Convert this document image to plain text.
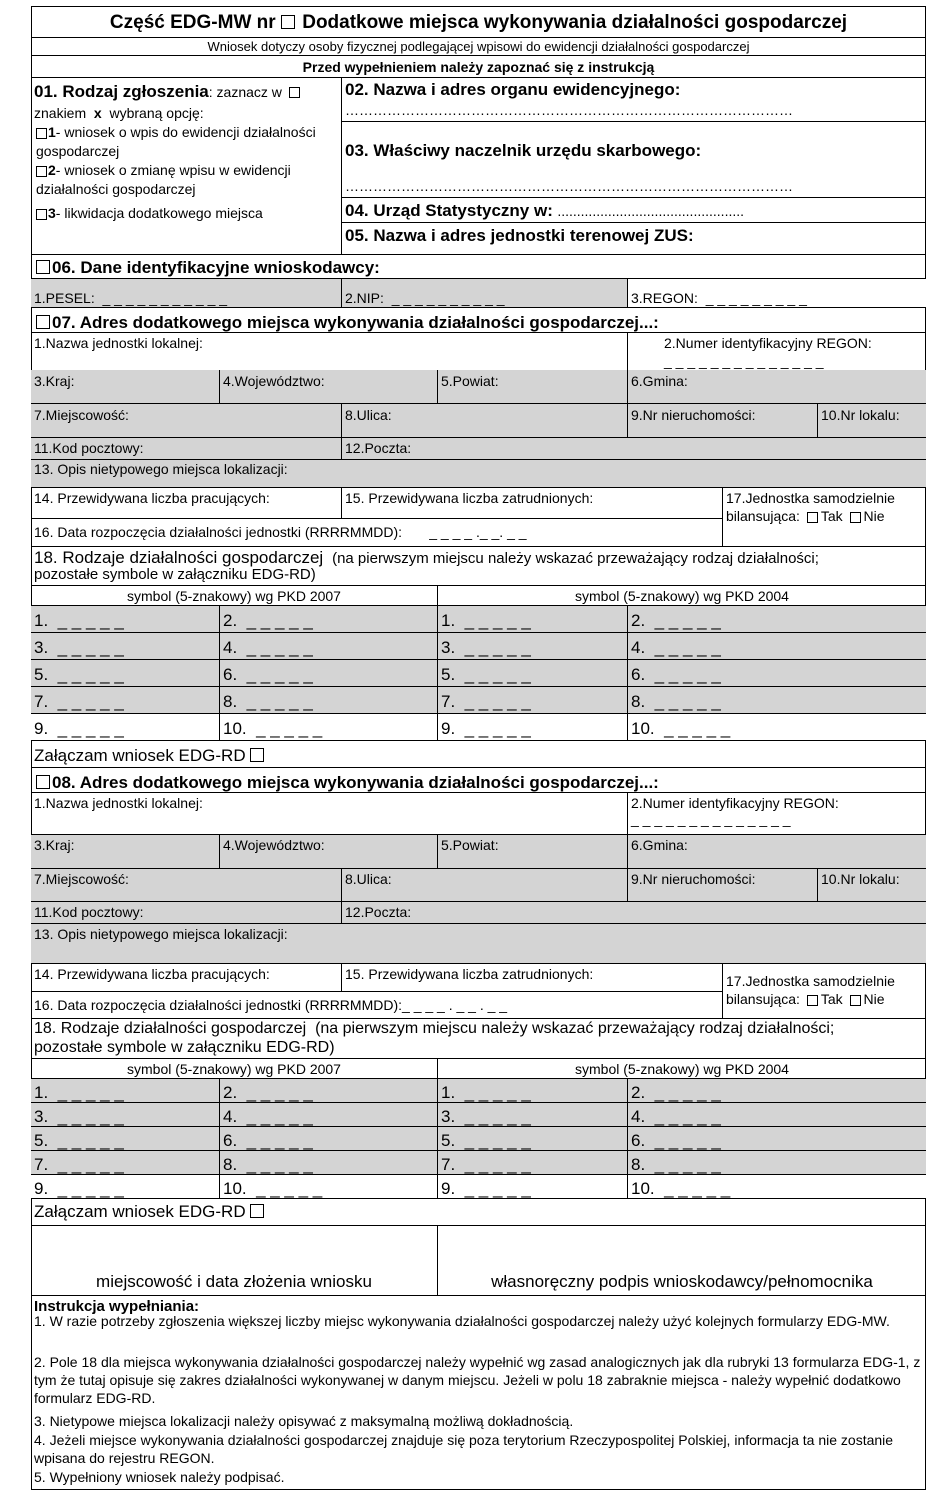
Część EDG-MW nr Dodatkowe miejsca wykonywania działalności gospodarczej
Wniosek dotyczy osoby fizycznej podlegającej wpisowi do ewidencji działalności gospodarczej
Przed wypełnieniem należy zapoznać się z instrukcją
01. Rodzaj zgłoszenia: zaznacz w
znakiem x wybraną opcję:
1- wniosek o wpis do ewidencji działalności
gospodarczej
2- wniosek o zmianę wpisu w ewidencji
działalności gospodarczej
3- likwidacja dodatkowego miejsca
02. Nazwa i adres organu ewidencyjnego:
……………………………………………………………………………………
03. Właściwy naczelnik urzędu skarbowego:
……………………………………………………………………………………
04. Urząd Statystyczny w: ................................................
05. Nazwa i adres jednostki terenowej ZUS:
06. Dane identyfikacyjne wnioskodawcy:
1.PESEL: _ _ _ _ _ _ _ _ _ _ _	2.NIP: _ _ _ _ _ _ _ _ _ _	3.REGON: _ _ _ _ _ _ _ _ _
07. Adres dodatkowego miejsca wykonywania działalności gospodarczej...:
1.Nazwa jednostki lokalnej:	2.Numer identyfikacyjny REGON:
_ _ _ _ _ _ _ _ _ _ _ _ _ _
3.Kraj:	4.Województwo:	5.Powiat:	6.Gmina:
7.Miejscowość:	8.Ulica:	9.Nr nieruchomości:	10.Nr lokalu:
11.Kod pocztowy:	12.Poczta:
13. Opis nietypowego miejsca lokalizacji:
14. Przewidywana liczba pracujących:	15. Przewidywana liczba zatrudnionych:
16. Data rozpoczęcia działalności jednostki (RRRRMMDD): _ _ _ _ ._ _. _ _
17.Jednostka samodzielnie
bilansująca: Tak Nie
18. Rodzaje działalności gospodarczej (na pierwszym miejscu należy wskazać przeważający rodzaj działalności;
pozostałe symbole w załączniku EDG-RD)
symbol (5-znakowy) wg PKD 2007	symbol (5-znakowy) wg PKD 2004
1.  _ _ _ _ _	2.  _ _ _ _ _	1.  _ _ _ _ _	2.  _ _ _ _ _
3.  _ _ _ _ _	4.  _ _ _ _ _	3.  _ _ _ _ _	4.  _ _ _ _ _
5.  _ _ _ _ _	6.  _ _ _ _ _	5.  _ _ _ _ _	6.  _ _ _ _ _
7.  _ _ _ _ _	8.  _ _ _ _ _	7.  _ _ _ _ _	8.  _ _ _ _ _
9.  _ _ _ _ _	10.  _ _ _ _ _	9.  _ _ _ _ _	10.  _ _ _ _ _
Załączam wniosek EDG-RD
08. Adres dodatkowego miejsca wykonywania działalności gospodarczej...:
1.Nazwa jednostki lokalnej:	2.Numer identyfikacyjny REGON:
_ _ _ _ _ _ _ _ _ _ _ _ _ _
3.Kraj:	4.Województwo:	5.Powiat:	6.Gmina:
7.Miejscowość:	8.Ulica:	9.Nr nieruchomości:	10.Nr lokalu:
11.Kod pocztowy:	12.Poczta:
13. Opis nietypowego miejsca lokalizacji:
14. Przewidywana liczba pracujących:	15. Przewidywana liczba zatrudnionych:
16. Data rozpoczęcia działalności jednostki (RRRRMMDD):_ _ _ _ . _ _ . _ _
17.Jednostka samodzielnie
bilansująca: Tak Nie
18. Rodzaje działalności gospodarczej (na pierwszym miejscu należy wskazać przeważający rodzaj działalności;
pozostałe symbole w załączniku EDG-RD)
symbol (5-znakowy) wg PKD 2007	symbol (5-znakowy) wg PKD 2004
1.  _ _ _ _ _	2.  _ _ _ _ _	1.  _ _ _ _ _	2.  _ _ _ _ _
3.  _ _ _ _ _	4.  _ _ _ _ _	3.  _ _ _ _ _	4.  _ _ _ _ _
5.  _ _ _ _ _	6.  _ _ _ _ _	5.  _ _ _ _ _	6.  _ _ _ _ _
7.  _ _ _ _ _	8.  _ _ _ _ _	7.  _ _ _ _ _	8.  _ _ _ _ _
9.  _ _ _ _ _	10.  _ _ _ _ _	9.  _ _ _ _ _	10.  _ _ _ _ _
Załączam wniosek EDG-RD
miejscowość i data złożenia wniosku	własnoręczny podpis wnioskodawcy/pełnomocnika
Instrukcja wypełniania:
1. W razie potrzeby zgłoszenia większej liczby miejsc wykonywania działalności gospodarczej należy użyć kolejnych formularzy EDG-MW.
2. Pole 18 dla miejsca wykonywania działalności gospodarczej należy wypełnić wg zasad analogicznych jak dla rubryki 13 formularza EDG-1, z tym że tutaj opisuje się zakres działalności wykonywanej w danym miejscu. Jeżeli w polu 18 zabraknie miejsca - należy wypełnić dodatkowo formularz EDG-RD.
3. Nietypowe miejsca lokalizacji należy opisywać z maksymalną możliwą dokładnością.
4. Jeżeli miejsce wykonywania działalności gospodarczej znajduje się poza terytorium Rzeczypospolitej Polskiej, informacja ta nie zostanie wpisana do rejestru REGON.
5. Wypełniony wniosek należy podpisać.
